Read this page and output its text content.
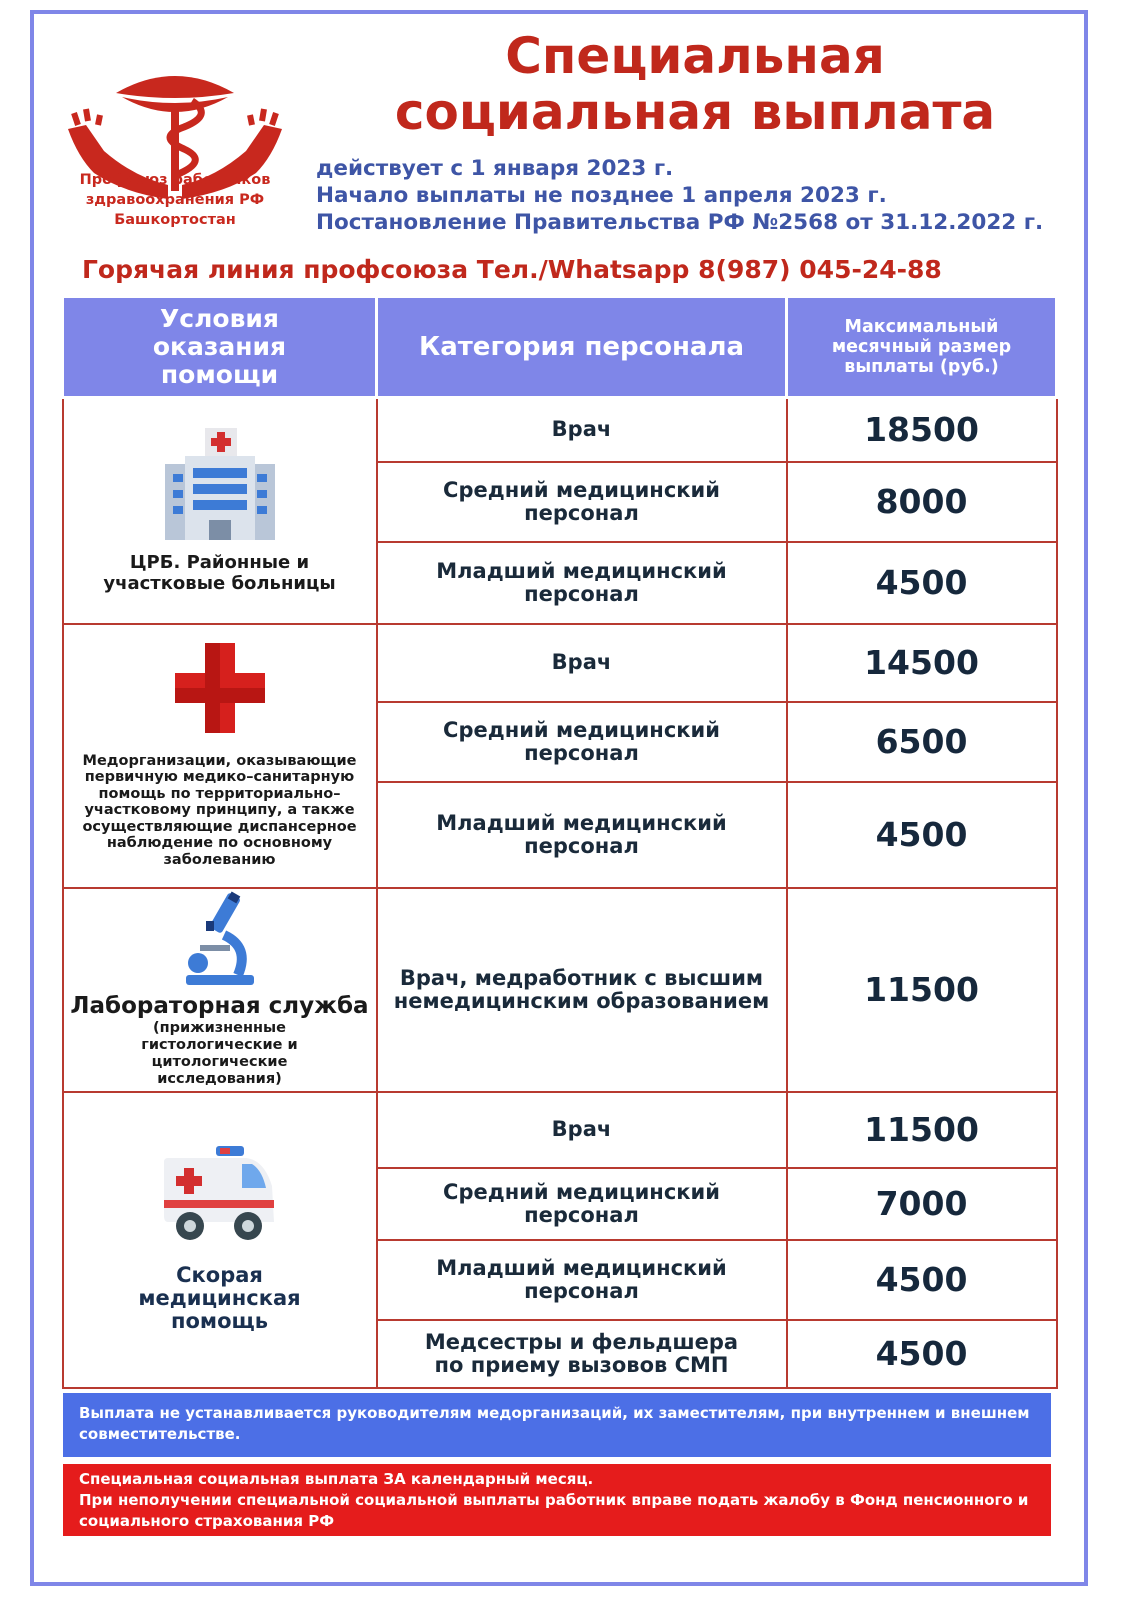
Профсоюз работников
здравоохранения РФ
Башкортостан
Специальная
социальная выплата
действует с 1 января 2023 г.
Начало выплаты не позднее 1 апреля 2023 г.
Постановление Правительства РФ №2568 от 31.12.2022 г.
Горячая линия профсоюза Тел./Whatsapp 8(987) 045-24-88
Условия оказания помощи	Категория персонала	Максимальный месячный размер выплаты (руб.)

ЦРБ. Районные и участковые больницы	Врач	18500
	Средний медицинский персонал	8000
	Младший медицинский персонал	4500

Медорганизации, оказывающие первичную медико–санитарную помощь по территориально–участковому принципу, а также осуществляющие диспансерное наблюдение по основному заболеванию	Врач	14500
	Средний медицинский персонал	6500
	Младший медицинский персонал	4500

Лабораторная служба
(прижизненные гистологические и цитологические исследования)	Врач, медработник с высшим немедицинским образованием	11500

Скорая медицинская помощь	Врач	11500
	Средний медицинский персонал	7000
	Младший медицинский персонал	4500
	Медсестры и фельдшера по приему вызовов СМП	4500
Выплата не устанавливается руководителям медорганизаций, их заместителям, при внутреннем и внешнем совместительстве.
Специальная социальная выплата ЗА календарный месяц.
При неполучении специальной социальной выплаты работник вправе подать жалобу в Фонд пенсионного и социального страхования РФ
